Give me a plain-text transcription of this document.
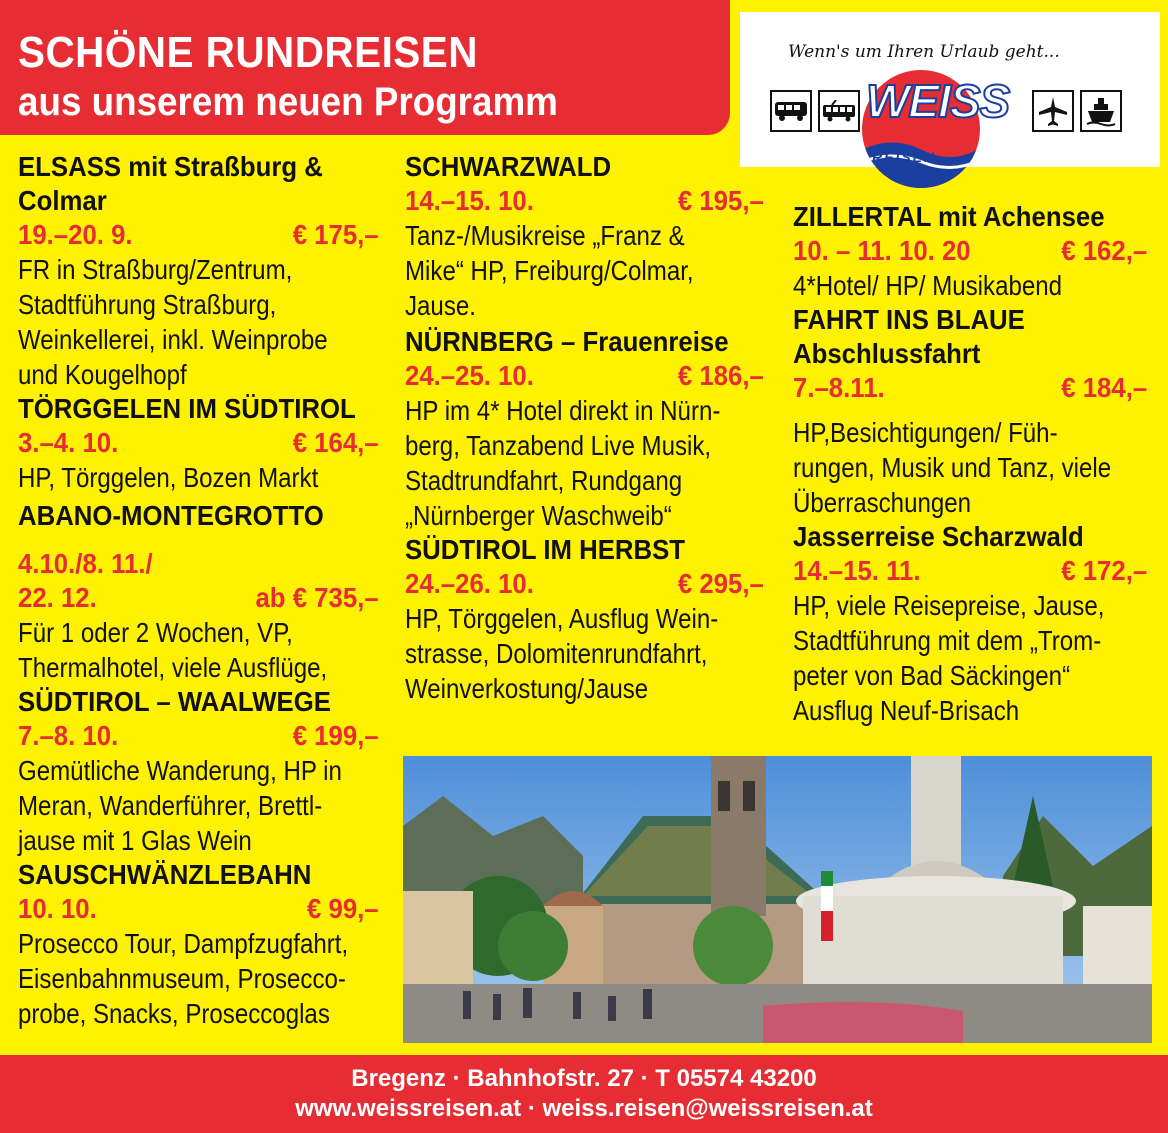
SCHÖNE RUNDREISEN
aus unserem neuen Programm
Wenn's um Ihren Urlaub geht...
WEISS
REISEN

ELSASS mit Straßburg &

Colmar

19.–20. 9.	€ 175,–

FR in Straßburg/Zentrum,

Stadtführung Straßburg,

Weinkellerei, inkl. Weinprobe

und Kougelhopf

TÖRGGELEN IM SÜDTIROL

3.–4. 10.	€ 164,–

HP, Törggelen, Bozen Markt

ABANO-MONTEGROTTO

4.10./8. 11./

22. 12.	ab € 735,–

Für 1 oder 2 Wochen, VP,

Thermalhotel, viele Ausflüge,

SÜDTIROL – WAALWEGE

7.–8. 10.	€ 199,–

Gemütliche Wanderung, HP in

Meran, Wanderführer, Brettl-

jause mit 1 Glas Wein

SAUSCHWÄNZLEBAHN

10. 10.	€ 99,–

Prosecco Tour, Dampfzugfahrt,

Eisenbahnmuseum, Prosecco-

probe, Snacks, Proseccoglas

SCHWARZWALD

14.–15. 10.	€ 195,–

Tanz-/Musikreise „Franz &

Mike“ HP, Freiburg/Colmar,

Jause.

NÜRNBERG – Frauenreise

24.–25. 10.	€ 186,–

HP im 4* Hotel direkt in Nürn-

berg, Tanzabend Live Musik,

Stadtrundfahrt, Rundgang

„Nürnberger Waschweib“

SÜDTIROL IM HERBST

24.–26. 10.	€ 295,–

HP, Törggelen, Ausflug Wein-

strasse, Dolomitenrundfahrt,

Weinverkostung/Jause

ZILLERTAL mit Achensee

10. – 11. 10. 20	€ 162,–

4*Hotel/ HP/ Musikabend

FAHRT INS BLAUE

Abschlussfahrt

7.–8.11.	€ 184,–

HP,Besichtigungen/ Füh-

rungen, Musik und Tanz, viele

Überraschungen

Jasserreise Scharzwald

14.–15. 11.	€ 172,–

HP, viele Reisepreise, Jause,

Stadtführung mit dem „Trom-

peter von Bad Säckingen“

Ausflug Neuf-Brisach

Bregenz · Bahnhofstr. 27 · T 05574 43200
www.weissreisen.at · weiss.reisen@weissreisen.at
